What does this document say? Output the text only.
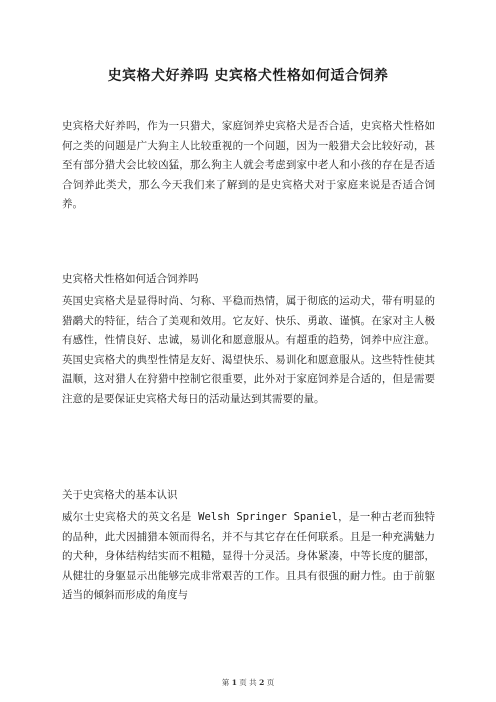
史宾格犬好养吗 史宾格犬性格如何适合饲养

史宾格犬好养吗，作为一只猎犬，家庭饲养史宾格犬是否合适，史宾格犬性格如何之类的问题是广大狗主人比较重视的一个问题，因为一般猎犬会比较好动，甚至有部分猎犬会比较凶猛，那么狗主人就会考虑到家中老人和小孩的存在是否适合饲养此类犬，那么今天我们来了解到的是史宾格犬对于家庭来说是否适合饲养。

史宾格犬性格如何适合饲养吗

英国史宾格犬是显得时尚、匀称、平稳而热情，属于彻底的运动犬，带有明显的猎鹬犬的特征，结合了美观和效用。它友好、快乐、勇敢、谨慎。在家对主人极有感性，性情良好、忠诚，易训化和愿意服从。有超重的趋势，饲养中应注意。英国史宾格犬的典型性情是友好、渴望快乐、易训化和愿意服从。这些特性使其温顺，这对猎人在狩猎中控制它很重要，此外对于家庭饲养是合适的，但是需要注意的是要保证史宾格犬每日的活动量达到其需要的量。

关于史宾格犬的基本认识

威尔士史宾格犬的英文名是 Welsh Springer Spaniel，是一种古老而独特的品种，此犬因捕猎本领而得名，并不与其它存在任何联系。且是一种充满魅力的犬种，身体结构结实而不粗糙，显得十分灵活。身体紧凑，中等长度的腿部，从健壮的身躯显示出能够完成非常艰苦的工作。且具有很强的耐力性。由于前躯适当的倾斜而形成的角度与

第 1 页 共 2 页
